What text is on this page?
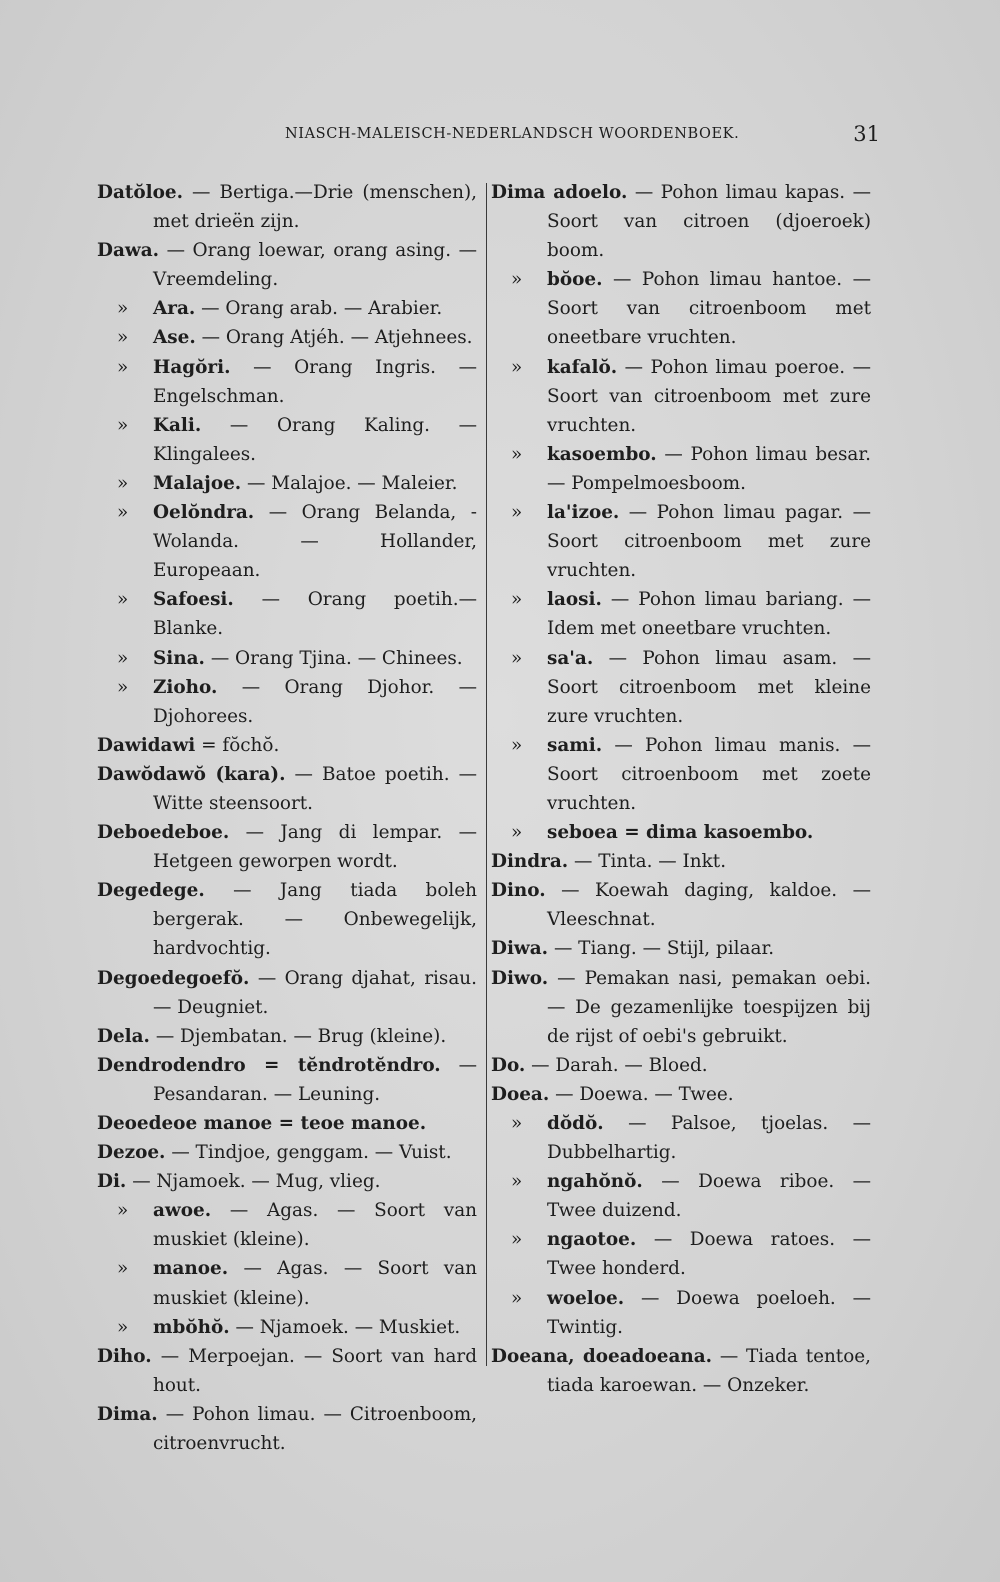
NIASCH-MALEISCH-NEDERLANDSCH WOORDENBOEK.	31

Datŏloe. — Bertiga.—Drie (menschen), met drieën zijn.

Dawa. — Orang loewar, orang asing. — Vreemdeling.

» Ara. — Orang arab. — Arabier.

» Ase. — Orang Atjéh. — Atjehnees.

» Hagŏri. — Orang Ingris. — Engelschman.

» Kali. — Orang Kaling. — Klingalees.

» Malajoe. — Malajoe. — Maleier.

» Oelŏndra. — Orang Belanda, -Wolanda. — Hollander, Europeaan.

» Safoesi. — Orang poetih.—Blanke.

» Sina. — Orang Tjina. — Chinees.

» Zioho. — Orang Djohor. — Djohorees.

Dawidawi = fŏchŏ.

Dawŏdawŏ (kara). — Batoe poetih. — Witte steensoort.

Deboedeboe. — Jang di lempar. — Hetgeen geworpen wordt.

Degedege. — Jang tiada boleh bergerak. — Onbewegelijk, hardvochtig.

Degoedegoefŏ. — Orang djahat, risau. — Deugniet.

Dela. — Djembatan. — Brug (kleine).

Dendrodendro = tĕndrotĕndro. — Pesandaran. — Leuning.

Deoedeoe manoe = teoe manoe.

Dezoe. — Tindjoe, genggam. — Vuist.

Di. — Njamoek. — Mug, vlieg.

» awoe. — Agas. — Soort van muskiet (kleine).

» manoe. — Agas. — Soort van muskiet (kleine).

» mbŏhŏ. — Njamoek. — Muskiet.

Diho. — Merpoejan. — Soort van hard hout.

Dima. — Pohon limau. — Citroenboom, citroenvrucht.

Dima adoelo. — Pohon limau kapas. —Soort van citroen (djoeroek) boom.

» bŏoe. — Pohon limau hantoe. — Soort van citroenboom met oneetbare vruchten.

» kafalŏ. — Pohon limau poeroe. — Soort van citroenboom met zure vruchten.

» kasoembo. — Pohon limau besar. — Pompelmoesboom.

» la'izoe. — Pohon limau pagar. — Soort citroenboom met zure vruchten.

» laosi. — Pohon limau bariang. — Idem met oneetbare vruchten.

» sa'a. — Pohon limau asam. — Soort citroenboom met kleine zure vruchten.

» sami. — Pohon limau manis. — Soort citroenboom met zoete vruchten.

» seboea = dima kasoembo.

Dindra. — Tinta. — Inkt.

Dino. — Koewah daging, kaldoe. — Vleeschnat.

Diwa. — Tiang. — Stijl, pilaar.

Diwo. — Pemakan nasi, pemakan oebi. — De gezamenlijke toespijzen bij de rijst of oebi's gebruikt.

Do. — Darah. — Bloed.

Doea. — Doewa. — Twee.

» dŏdŏ. — Palsoe, tjoelas. — Dubbelhartig.

» ngahŏnŏ. — Doewa riboe. — Twee duizend.

» ngaotoe. — Doewa ratoes. — Twee honderd.

» woeloe. — Doewa poeloeh. — Twintig.

Doeana, doeadoeana. — Tiada tentoe, tiada karoewan. — Onzeker.
